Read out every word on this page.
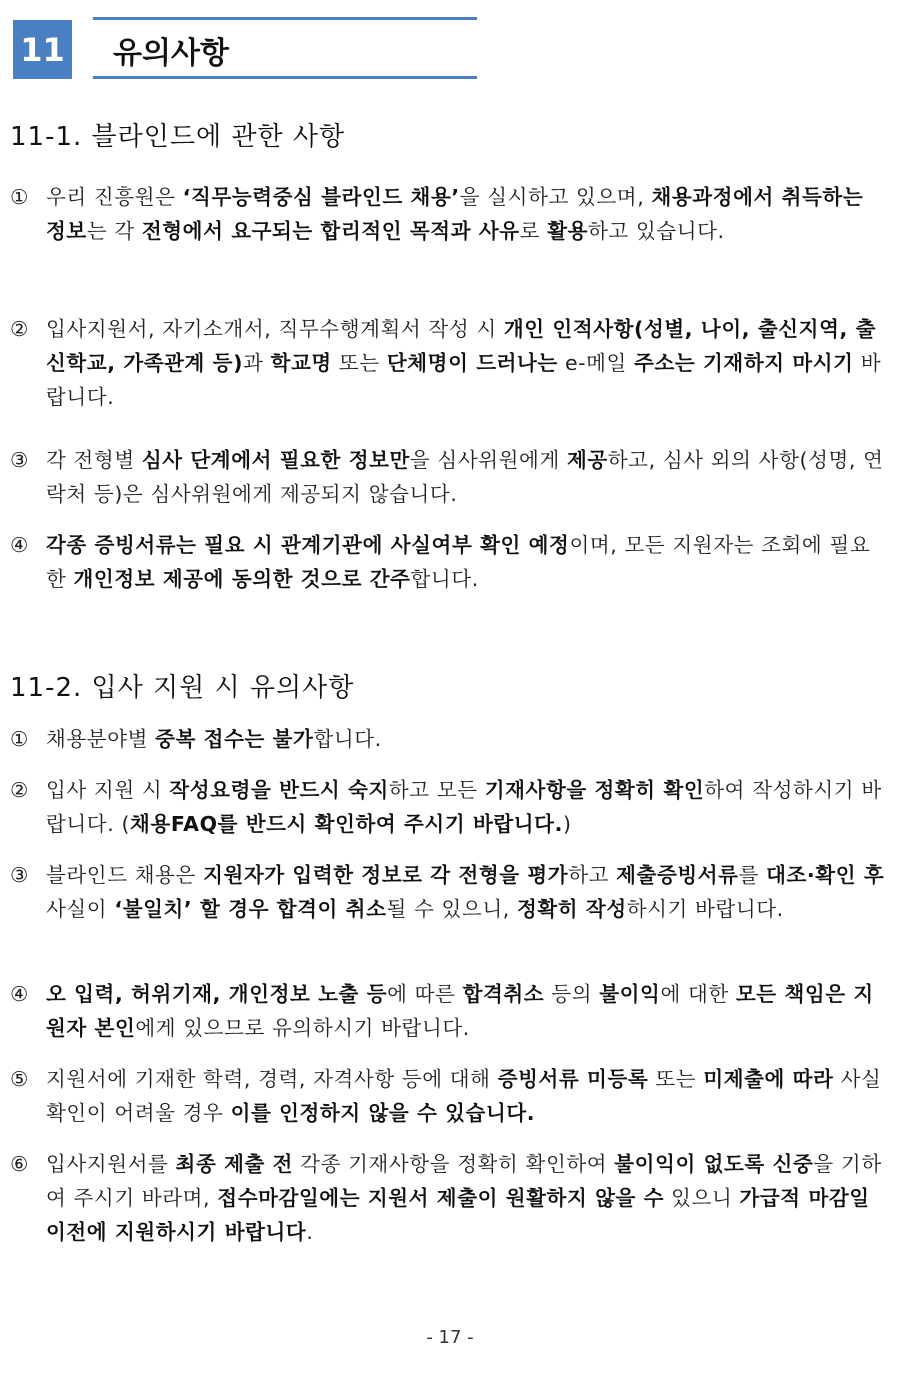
11 유의사항
11-1. 블라인드에 관한 사항
① 우리 진흥원은 ‘직무능력중심 블라인드 채용’을 실시하고 있으며, 채용과정에서 취득하는 정보는 각 전형에서 요구되는 합리적인 목적과 사유로 활용하고 있습니다.
② 입사지원서, 자기소개서, 직무수행계획서 작성 시 개인 인적사항(성별, 나이, 출신지역, 출신학교, 가족관계 등)과 학교명 또는 단체명이 드러나는 e-메일 주소는 기재하지 마시기 바랍니다.
③ 각 전형별 심사 단계에서 필요한 정보만을 심사위원에게 제공하고, 심사 외의 사항(성명, 연락처 등)은 심사위원에게 제공되지 않습니다.
④ 각종 증빙서류는 필요 시 관계기관에 사실여부 확인 예정이며, 모든 지원자는 조회에 필요한 개인정보 제공에 동의한 것으로 간주합니다.
11-2. 입사 지원 시 유의사항
① 채용분야별 중복 접수는 불가합니다.
② 입사 지원 시 작성요령을 반드시 숙지하고 모든 기재사항을 정확히 확인하여 작성하시기 바랍니다. (채용FAQ를 반드시 확인하여 주시기 바랍니다.)
③ 블라인드 채용은 지원자가 입력한 정보로 각 전형을 평가하고 제출증빙서류를 대조·확인 후 사실이 ‘불일치’ 할 경우 합격이 취소될 수 있으니, 정확히 작성하시기 바랍니다.
④ 오 입력, 허위기재, 개인정보 노출 등에 따른 합격취소 등의 불이익에 대한 모든 책임은 지원자 본인에게 있으므로 유의하시기 바랍니다.
⑤ 지원서에 기재한 학력, 경력, 자격사항 등에 대해 증빙서류 미등록 또는 미제출에 따라 사실 확인이 어려울 경우 이를 인정하지 않을 수 있습니다.
⑥ 입사지원서를 최종 제출 전 각종 기재사항을 정확히 확인하여 불이익이 없도록 신중을 기하여 주시기 바라며, 접수마감일에는 지원서 제출이 원활하지 않을 수 있으니 가급적 마감일 이전에 지원하시기 바랍니다.
- 17 -
